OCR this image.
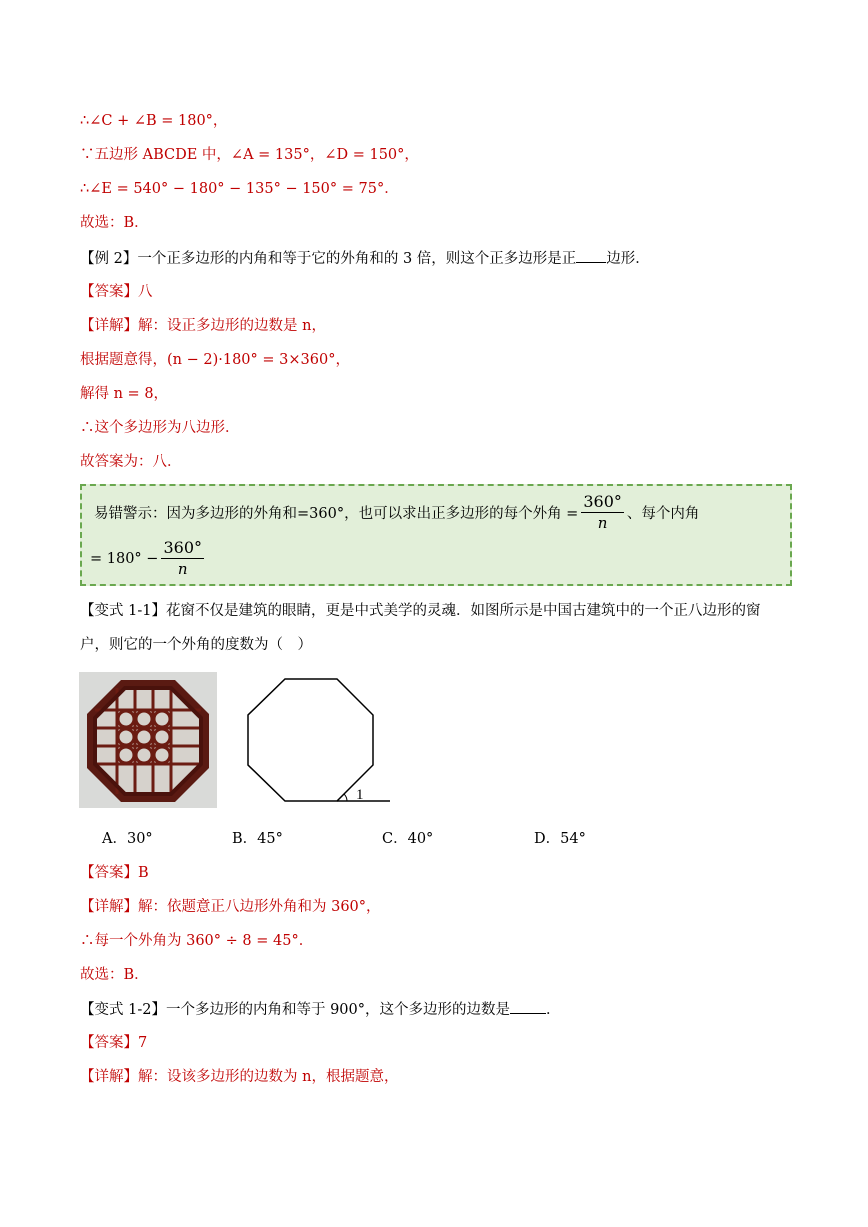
∴∠C + ∠B = 180°，
∵五边形 ABCDE 中，∠A = 135°，∠D = 150°，
∴∠E = 540° − 180° − 135° − 150° = 75°．
故选：B．
【例 2】一个正多边形的内角和等于它的外角和的 3 倍，则这个正多边形是正 边形．
【答案】八
【详解】解：设正多边形的边数是 n，
根据题意得，(n − 2)·180° = 3×360°，
解得 n = 8，
∴这个多边形为八边形．
故答案为：八．
易错警示：因为多边形的外角和=360°，也可以求出正多边形的每个外角 = $\frac{360^\circ}{n}$ 、每个内角
= $180^\circ - \frac{360^\circ}{n}$
【变式 1-1】花窗不仅是建筑的眼睛，更是中式美学的灵魂．如图所示是中国古建筑中的一个正八边形的窗
户，则它的一个外角的度数为（　）
1
A．30°	B．45°	C．40°	D．54°
【答案】B
【详解】解：依题意正八边形外角和为 360°，
∴每一个外角为 360° ÷ 8 = 45°．
故选：B．
【变式 1-2】一个多边形的内角和等于 900°，这个多边形的边数是 ．
【答案】7
【详解】解：设该多边形的边数为 n，根据题意，
